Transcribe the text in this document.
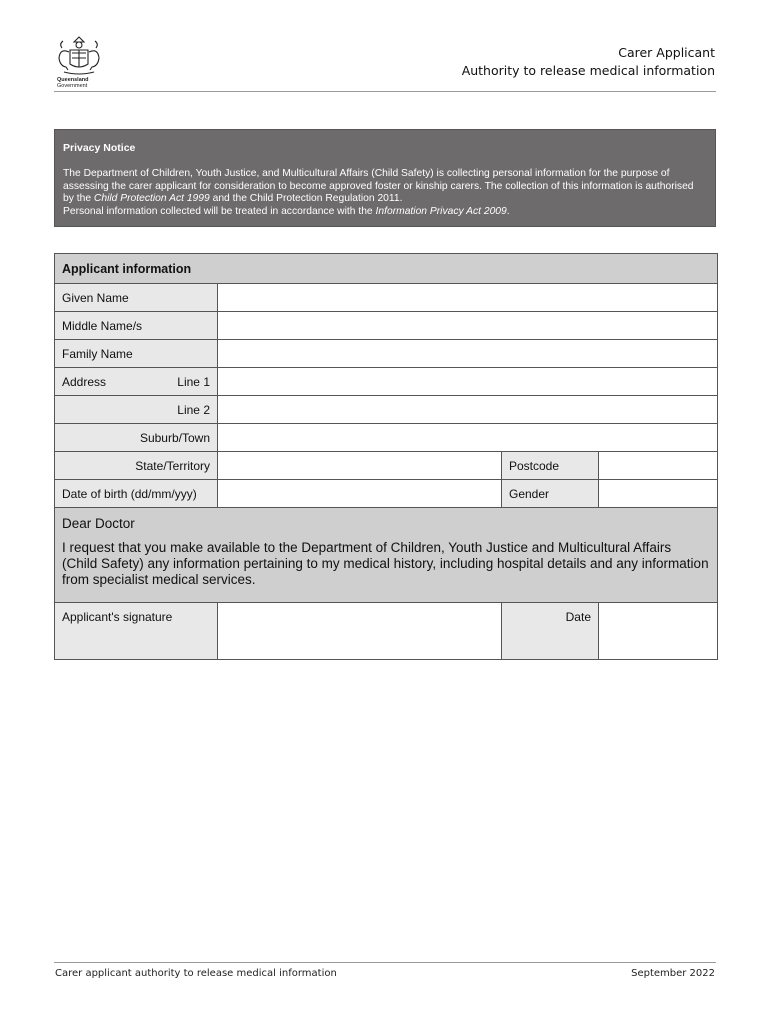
Queensland
Government
Carer Applicant
Authority to release medical information
Privacy Notice
The Department of Children, Youth Justice, and Multicultural Affairs (Child Safety) is collecting personal information for the purpose of assessing the carer applicant for consideration to become approved foster or kinship carers. The collection of this information is authorised by the Child Protection Act 1999 and the Child Protection Regulation 2011.
Personal information collected will be treated in accordance with the Information Privacy Act 2009.
Applicant information			
Given Name			
Middle Name/s			
Family Name			

Address Line 1			

Line 2			
Suburb/Town			
State/Territory		Postcode	
Date of birth (dd/mm/yyy)		Gender	

Dear Doctor
I request that you make available to the Department of Children, Youth Justice and Multicultural Affairs (Child Safety) any information pertaining to my medical history, including hospital details and any information from specialist medical services.			

Applicant's signature		Date	
Carer applicant authority to release medical information	September 2022
